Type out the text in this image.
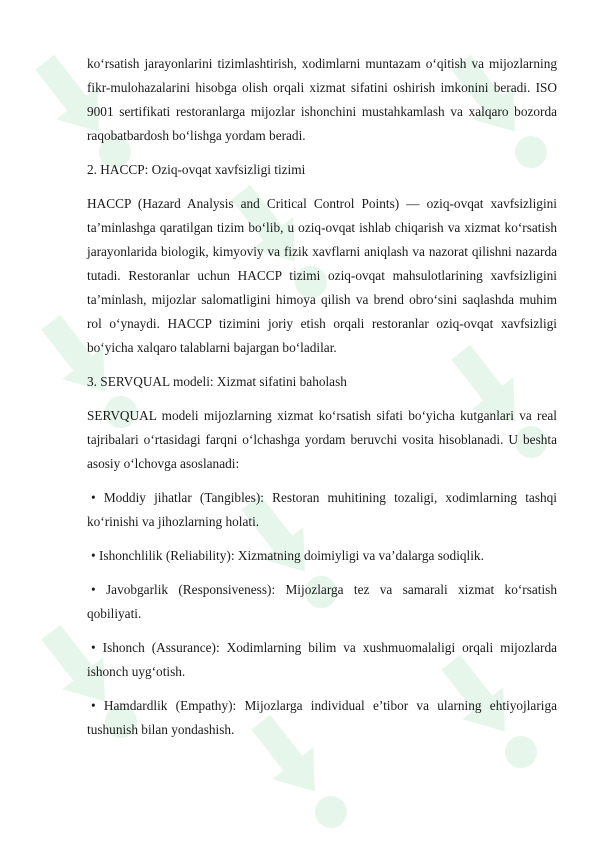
ko‘rsatish jarayonlarini tizimlashtirish, xodimlarni muntazam o‘qitish va mijozlarning fikr-mulohazalarini hisobga olish orqali xizmat sifatini oshirish imkonini beradi. ISO 9001 sertifikati restoranlarga mijozlar ishonchini mustahkamlash va xalqaro bozorda raqobatbardosh bo‘lishga yordam beradi.

2. HACCP: Oziq-ovqat xavfsizligi tizimi

HACCP (Hazard Analysis and Critical Control Points) — oziq-ovqat xavfsizligini ta’minlashga qaratilgan tizim bo‘lib, u oziq-ovqat ishlab chiqarish va xizmat ko‘rsatish jarayonlarida biologik, kimyoviy va fizik xavflarni aniqlash va nazorat qilishni nazarda tutadi. Restoranlar uchun HACCP tizimi oziq-ovqat mahsulotlarining xavfsizligini ta’minlash, mijozlar salomatligini himoya qilish va brend obro‘sini saqlashda muhim rol o‘ynaydi. HACCP tizimini joriy etish orqali restoranlar oziq-ovqat xavfsizligi bo‘yicha xalqaro talablarni bajargan bo‘ladilar.

3. SERVQUAL modeli: Xizmat sifatini baholash

SERVQUAL modeli mijozlarning xizmat ko‘rsatish sifati bo‘yicha kutganlari va real tajribalari o‘rtasidagi farqni o‘lchashga yordam beruvchi vosita hisoblanadi. U beshta asosiy o‘lchovga asoslanadi:

• Moddiy jihatlar (Tangibles): Restoran muhitining tozaligi, xodimlarning tashqi ko‘rinishi va jihozlarning holati.

• Ishonchlilik (Reliability): Xizmatning doimiyligi va va’dalarga sodiqlik.

• Javobgarlik (Responsiveness): Mijozlarga tez va samarali xizmat ko‘rsatish qobiliyati.

• Ishonch (Assurance): Xodimlarning bilim va xushmuomalaligi orqali mijozlarda ishonch uyg‘otish.

• Hamdardlik (Empathy): Mijozlarga individual e’tibor va ularning ehtiyojlariga tushunish bilan yondashish.
